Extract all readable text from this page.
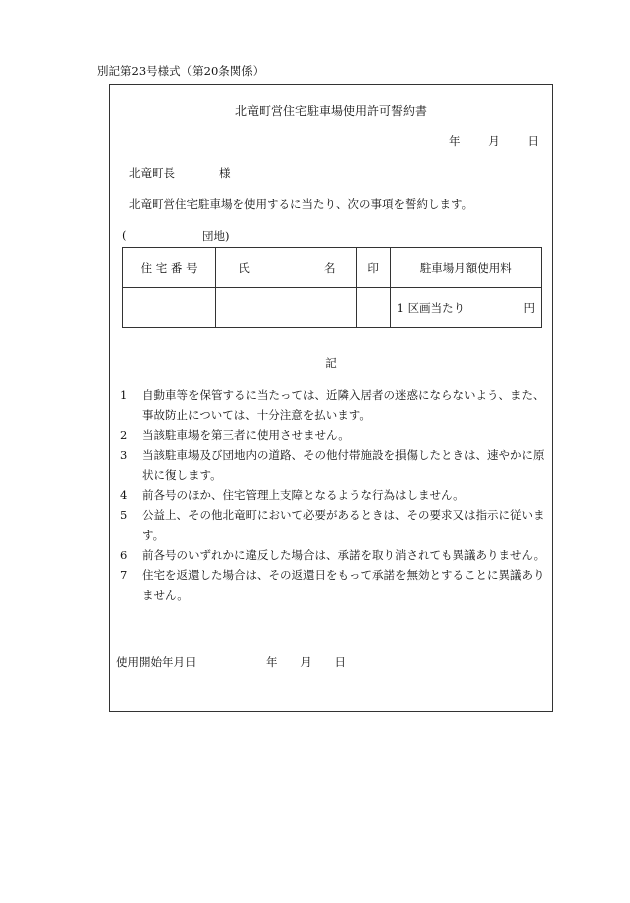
別記第23号様式（第20条関係）
北竜町営住宅駐車場使用許可誓約書
年 月 日
北竜町長	様
北竜町営住宅駐車場を使用するに当たり、次の事項を誓約します。
(	団地)
住 宅 番 号	氏 名	印	駐車場月額使用料

			1 区画当たり 円
記
1	自動車等を保管するに当たっては、近隣入居者の迷惑にならないよう、また、事故防止については、十分注意を払います。
2	当該駐車場を第三者に使用させません。
3	当該駐車場及び団地内の道路、その他付帯施設を損傷したときは、速やかに原状に復します。
4	前各号のほか、住宅管理上支障となるような行為はしません。
5	公益上、その他北竜町において必要があるときは、その要求又は指示に従います。
6	前各号のいずれかに違反した場合は、承諾を取り消されても異議ありません。
7	住宅を返還した場合は、その返還日をもって承諾を無効とすることに異議ありません。
使用開始年月日	年 月 日
